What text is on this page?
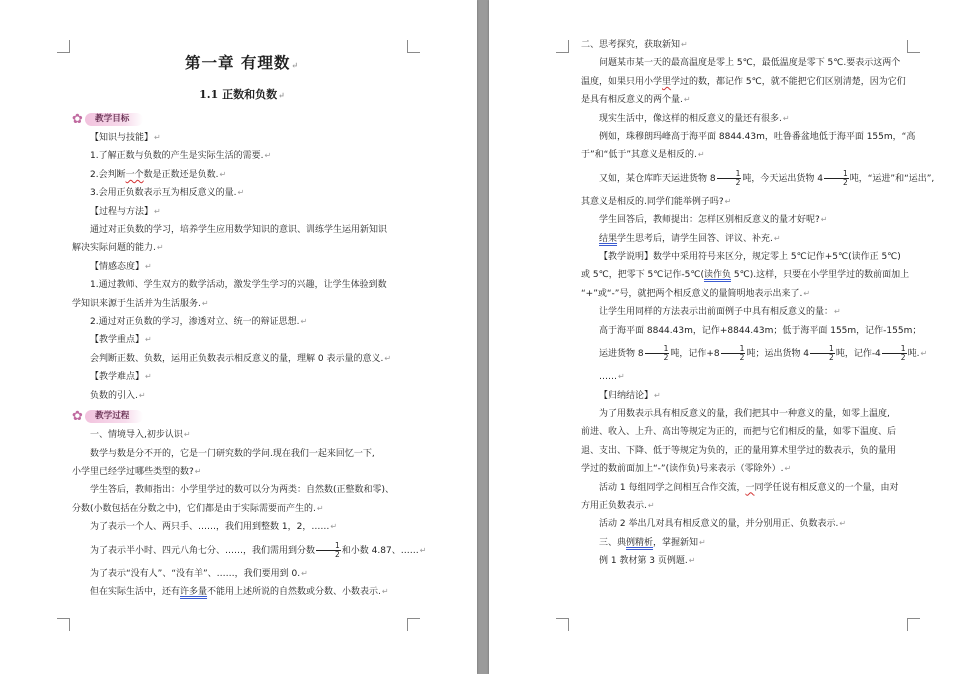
第一章 有理数↵

1.1 正数和负数↵

✿	教学目标

【知识与技能】↵

1.了解正数与负数的产生是实际生活的需要.↵

2.会判断一个数是正数还是负数.↵

3.会用正负数表示互为相反意义的量.↵

【过程与方法】↵

通过对正负数的学习，培养学生应用数学知识的意识、训练学生运用新知识

解决实际问题的能力.↵

【情感态度】↵

1.通过教师、学生双方的数学活动，激发学生学习的兴趣，让学生体验到数

学知识来源于生活并为生活服务.↵

2.通过对正负数的学习，渗透对立、统一的辩证思想.↵

【教学重点】↵

会判断正数、负数，运用正负数表示相反意义的量，理解 0 表示量的意义.↵

【教学难点】↵

负数的引入.↵

✿	教学过程

一、情境导入,初步认识↵

数学与数是分不开的，它是一门研究数的学问.现在我们一起来回忆一下,

小学里已经学过哪些类型的数?↵

学生答后，教师指出：小学里学过的数可以分为两类：自然数(正整数和零)、

分数(小数包括在分数之中)，它们都是由于实际需要而产生的.↵

为了表示一个人、两只手、……，我们用到整数 1，2，……↵

为了表示半小时、四元八角七分、……，我们需用到分数 $\frac{1}{2}$ 和小数 4.87、……↵

为了表示“没有人”、“没有羊”、……，我们要用到 0.↵

但在实际生活中，还有许多量不能用上述所说的自然数或分数、小数表示.↵

二、思考探究，获取新知↵

问题某市某一天的最高温度是零上 5℃，最低温度是零下 5℃.要表示这两个

温度，如果只用小学里学过的数，都记作 5℃，就不能把它们区别清楚，因为它们

是具有相反意义的两个量.↵

现实生活中，像这样的相反意义的量还有很多.↵

例如，珠穆朗玛峰高于海平面 8844.43m，吐鲁番盆地低于海平面 155m，“高

于”和“低于”其意义是相反的.↵

又如，某仓库昨天运进货物 $8 \frac{1}{2}$ 吨，今天运出货物 $4 \frac{1}{2}$ 吨，“运进”和“运出”,

其意义是相反的.同学们能举例子吗?↵

学生回答后，教师提出：怎样区别相反意义的量才好呢?↵

结果学生思考后，请学生回答、评议、补充.↵

【教学说明】数学中采用符号来区分，规定零上 5℃记作+5℃(读作正 5℃)

或 5℃，把零下 5℃记作-5℃(读作负 5℃).这样，只要在小学里学过的数前面加上

“+”或“-”号，就把两个相反意义的量简明地表示出来了.↵

让学生用同样的方法表示出前面例子中具有相反意义的量：↵

高于海平面 8844.43m，记作+8844.43m；低于海平面 155m，记作-155m；

运进货物 $8 \frac{1}{2}$ 吨，记作$+8 \frac{1}{2}$ 吨；运出货物 $4 \frac{1}{2}$ 吨，记作$-4 \frac{1}{2}$ 吨.↵

……↵

【归纳结论】↵

为了用数表示具有相反意义的量，我们把其中一种意义的量，如零上温度,

前进、收入、上升、高出等规定为正的，而把与它们相反的量，如零下温度、后

退、支出、下降、低于等规定为负的，正的量用算术里学过的数表示，负的量用

学过的数前面加上“-”(读作负)号来表示（零除外）.↵

活动 1 每组同学之间相互合作交流，一同学任说有相反意义的一个量，由对

方用正负数表示.↵

活动 2 举出几对具有相反意义的量，并分别用正、负数表示.↵

三、典例精析，掌握新知↵

例 1 教材第 3 页例题.↵
